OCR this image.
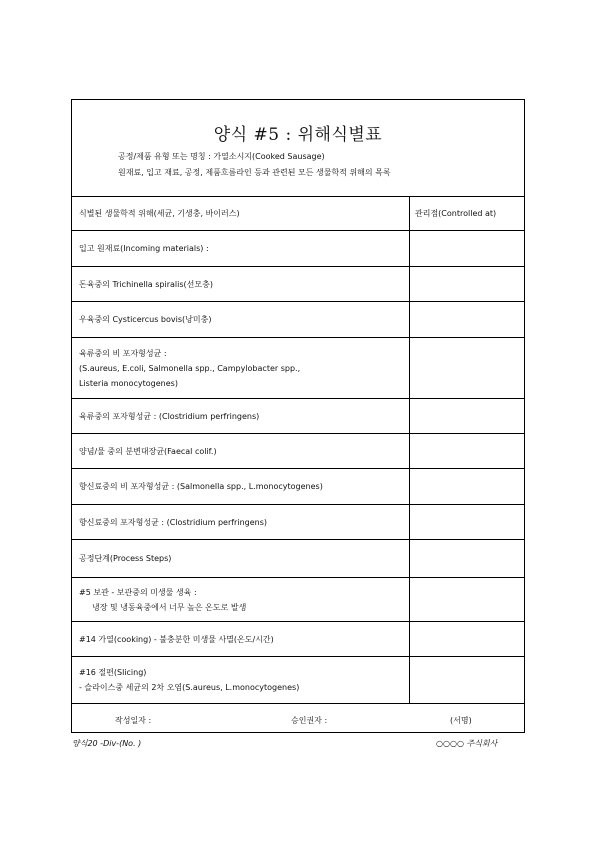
양식 #5 : 위해식별표
공정/제품 유형 또는 명칭 : 가열소시지(Cooked Sausage)
원재료, 입고 재료, 공정, 제품흐름라인 등과 관련된 모든 생물학적 위해의 목록
식별된 생물학적 위해(세균, 기생충, 바이러스)	관리점(Controlled at)
입고 원재료(Incoming materials) :
돈육중의 Trichinella spiralis(선모충)
우육중의 Cysticercus bovis(낭미충)
육류중의 비 포자형성균 :
(S.aureus, E.coli, Salmonella spp., Campylobacter spp.,
Listeria monocytogenes)
육류중의 포자형성균 : (Clostridium perfringens)
양념/물 중의 분변대장균(Faecal colif.)
향신료중의 비 포자형성균 : (Salmonella spp., L.monocytogenes)
향신료중의 포자형성균 : (Clostridium perfringens)
공정단계(Process Steps)
#5 보관 - 보관중의 미생물 생육 :
냉장 및 냉동육중에서 너무 높은 온도로 발생
#14 가열(cooking) - 불충분한 미생물 사멸(온도/시간)
#16 절편(Slicing)
- 슬라이스중 세균의 2차 오염(S.aureus, L.monocytogenes)
작성일자 :	승인권자 :	(서명)
양식20 -Div-(No. )	○○○○ 주식회사
